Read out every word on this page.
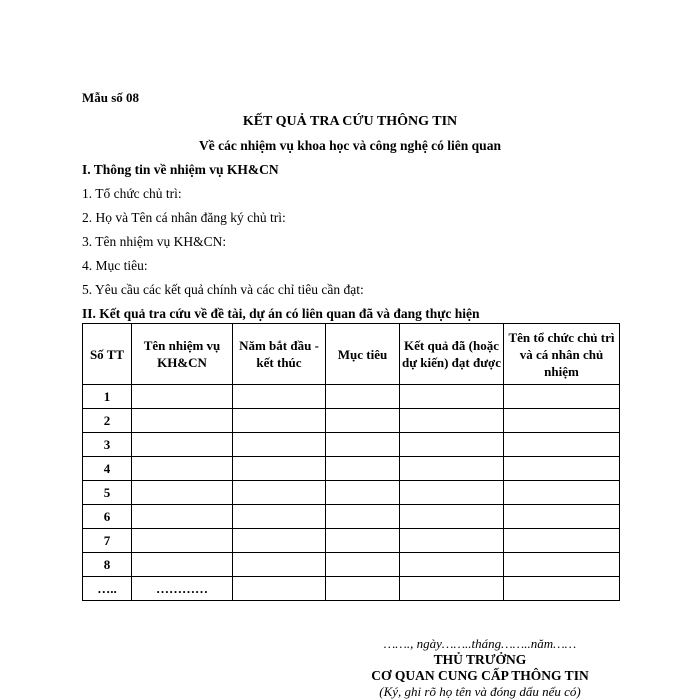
Mẫu số 08
KẾT QUẢ TRA CỨU THÔNG TIN
Về các nhiệm vụ khoa học và công nghệ có liên quan
I. Thông tin về nhiệm vụ KH&CN
1. Tổ chức chủ trì:
2. Họ và Tên cá nhân đăng ký chủ trì:
3. Tên nhiệm vụ KH&CN:
4. Mục tiêu:
5. Yêu cầu các kết quả chính và các chỉ tiêu cần đạt:
II. Kết quả tra cứu về đề tài, dự án có liên quan đã và đang thực hiện
Số TT	Tên nhiệm vụ KH&CN	Năm bắt đầu - kết thúc	Mục tiêu	Kết quả đã (hoặc dự kiến) đạt được	Tên tổ chức chủ trì và cá nhân chủ nhiệm
1					
2					
3					
4					
5					
6					
7					
8					
…..	…………				
……., ngày……..tháng……..năm……
THỦ TRƯỞNG
CƠ QUAN CUNG CẤP THÔNG TIN
(Ký, ghi rõ họ tên và đóng dấu nếu có)
